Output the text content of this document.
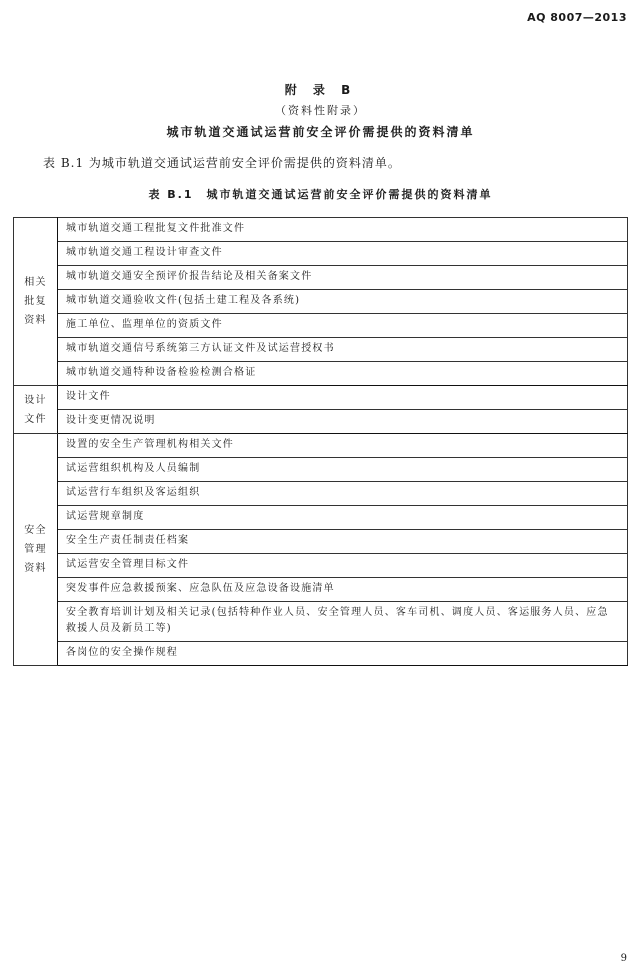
AQ 8007—2013
附 录 B
（资料性附录）
城市轨道交通试运营前安全评价需提供的资料清单
表 B.1 为城市轨道交通试运营前安全评价需提供的资料清单。
表 B.1　城市轨道交通试运营前安全评价需提供的资料清单
相关
批复
资料	城市轨道交通工程批复文件批准文件
	城市轨道交通工程设计审查文件
	城市轨道交通安全预评价报告结论及相关备案文件
	城市轨道交通验收文件(包括土建工程及各系统)
	施工单位、监理单位的资质文件
	城市轨道交通信号系统第三方认证文件及试运营授权书
	城市轨道交通特种设备检验检测合格证
设计
文件	设计文件
	设计变更情况说明
安全
管理
资料	设置的安全生产管理机构相关文件
	试运营组织机构及人员编制
	试运营行车组织及客运组织
	试运营规章制度
	安全生产责任制责任档案
	试运营安全管理目标文件
	突发事件应急救援预案、应急队伍及应急设备设施清单
	安全教育培训计划及相关记录(包括特种作业人员、安全管理人员、客车司机、调度人员、客运服务人员、应急救援人员及新员工等)
	各岗位的安全操作规程
9
